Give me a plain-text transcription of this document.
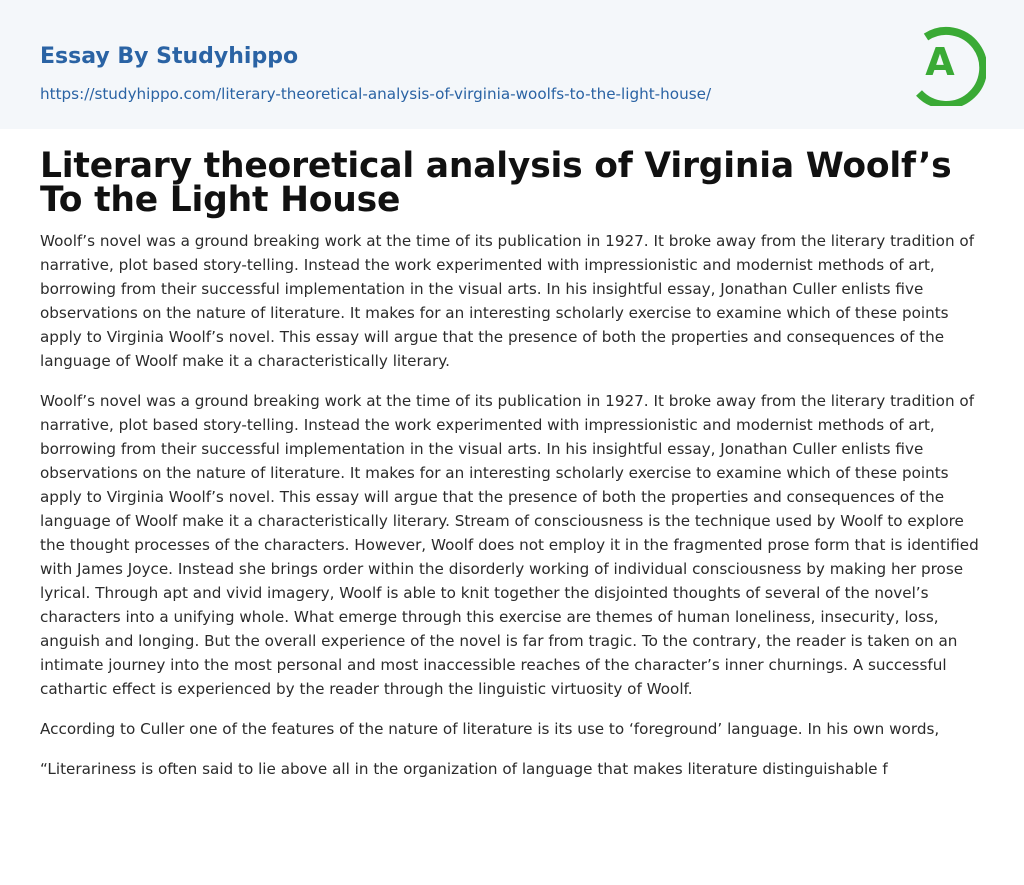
Essay By Studyhippo
https://studyhippo.com/literary-theoretical-analysis-of-virginia-woolfs-to-the-light-house/
A
Literary theoretical analysis of Virginia Woolf’s To the Light House

Woolf’s novel was a ground breaking work at the time of its publication in 1927. It broke away from the literary tradition of narrative, plot based story-telling. Instead the work experimented with impressionistic and modernist methods of art, borrowing from their successful implementation in the visual arts. In his insightful essay, Jonathan Culler enlists five observations on the nature of literature. It makes for an interesting scholarly exercise to examine which of these points apply to Virginia Woolf’s novel. This essay will argue that the presence of both the properties and consequences of the language of Woolf make it a characteristically literary.

Woolf’s novel was a ground breaking work at the time of its publication in 1927. It broke away from the literary tradition of narrative, plot based story-telling. Instead the work experimented with impressionistic and modernist methods of art, borrowing from their successful implementation in the visual arts. In his insightful essay, Jonathan Culler enlists five observations on the nature of literature. It makes for an interesting scholarly exercise to examine which of these points apply to Virginia Woolf’s novel. This essay will argue that the presence of both the properties and consequences of the language of Woolf make it a characteristically literary. Stream of consciousness is the technique used by Woolf to explore the thought processes of the characters. However, Woolf does not employ it in the fragmented prose form that is identified with James Joyce. Instead she brings order within the disorderly working of individual consciousness by making her prose lyrical. Through apt and vivid imagery, Woolf is able to knit together the disjointed thoughts of several of the novel’s characters into a unifying whole. What emerge through this exercise are themes of human loneliness, insecurity, loss, anguish and longing. But the overall experience of the novel is far from tragic. To the contrary, the reader is taken on an intimate journey into the most personal and most inaccessible reaches of the character’s inner churnings. A successful cathartic effect is experienced by the reader through the linguistic virtuosity of Woolf.

According to Culler one of the features of the nature of literature is its use to ‘foreground’ language. In his own words,

“Literariness is often said to lie above all in the organization of language that makes literature distinguishable f
